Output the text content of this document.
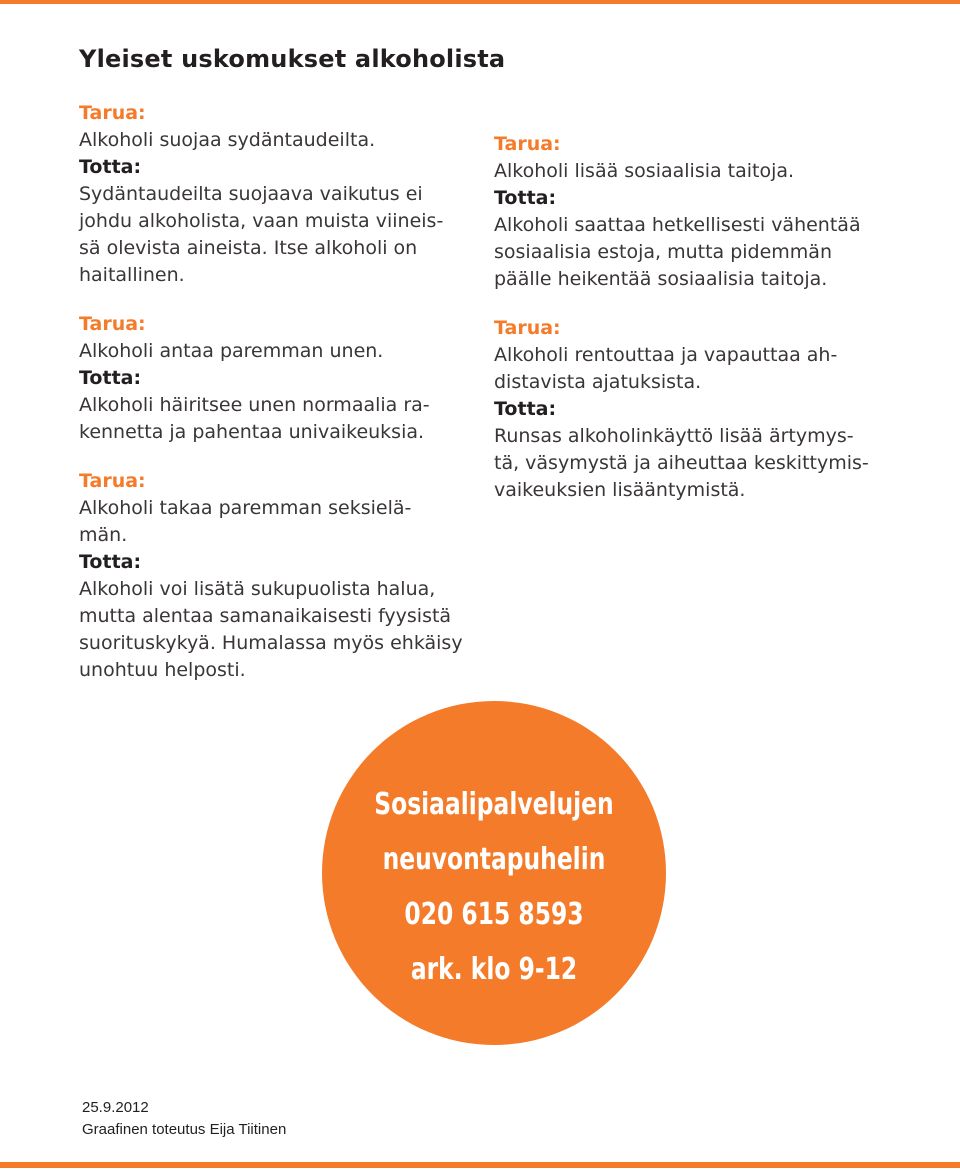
Yleiset uskomukset alkoholista
Tarua:
Alkoholi suojaa sydäntaudeilta.
Totta:
Sydäntaudeilta suojaava vaikutus ei
johdu alkoholista, vaan muista viineis-
sä olevista aineista. Itse alkoholi on
haitallinen.
Tarua:
Alkoholi antaa paremman unen.
Totta:
Alkoholi häiritsee unen normaalia ra-
kennetta ja pahentaa univaikeuksia.
Tarua:
Alkoholi takaa paremman seksielä-
män.
Totta:
Alkoholi voi lisätä sukupuolista halua,
mutta alentaa samanaikaisesti fyysistä
suorituskykyä. Humalassa myös ehkäisy
unohtuu helposti.
Tarua:
Alkoholi lisää sosiaalisia taitoja.
Totta:
Alkoholi saattaa hetkellisesti vähentää
sosiaalisia estoja, mutta pidemmän
päälle heikentää sosiaalisia taitoja.
Tarua:
Alkoholi rentouttaa ja vapauttaa ah-
distavista ajatuksista.
Totta:
Runsas alkoholinkäyttö lisää ärtymys-
tä, väsymystä ja aiheuttaa keskittymis-
vaikeuksien lisääntymistä.
Sosiaalipalvelujen
neuvontapuhelin
020 615 8593
ark. klo 9-12
25.9.2012
Graafinen toteutus Eija Tiitinen
